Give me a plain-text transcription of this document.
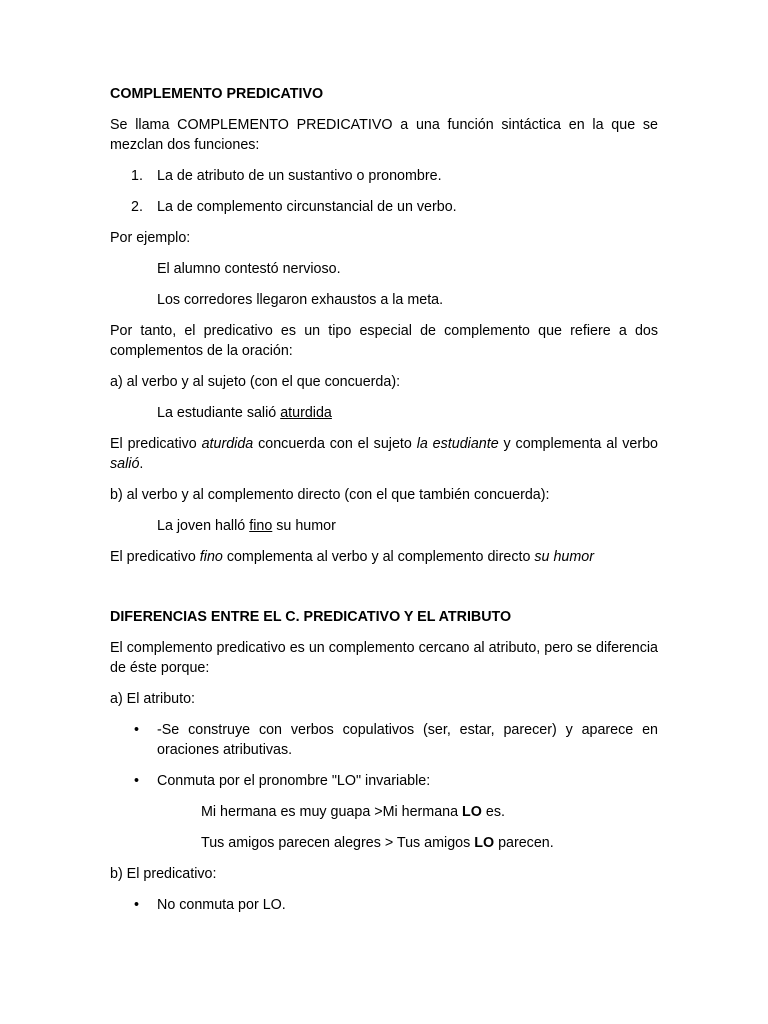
COMPLEMENTO PREDICATIVO
Se llama COMPLEMENTO PREDICATIVO a una función sintáctica en la que se mezclan dos funciones:
1. La de atributo de un sustantivo o pronombre.
2. La de complemento circunstancial de un verbo.
Por ejemplo:
El alumno contestó nervioso.
Los corredores llegaron exhaustos a la meta.
Por tanto, el predicativo es un tipo especial de complemento que refiere a dos complementos de la oración:
a) al verbo y al sujeto (con el que concuerda):
La estudiante salió aturdida
El predicativo aturdida concuerda con el sujeto la estudiante y complementa al verbo salió.
b) al verbo y al complemento directo (con el que también concuerda):
La joven halló fino su humor
El predicativo fino complementa al verbo y al complemento directo su humor
DIFERENCIAS ENTRE EL C. PREDICATIVO Y EL ATRIBUTO
El complemento predicativo es un complemento cercano al atributo, pero se diferencia de éste porque:
a) El atributo:
• -Se construye con verbos copulativos (ser, estar, parecer) y aparece en oraciones atributivas.
• Conmuta por el pronombre "LO" invariable:
Mi hermana es muy guapa >Mi hermana LO es.
Tus amigos parecen alegres > Tus amigos LO parecen.
b) El predicativo:
• No conmuta por LO.
